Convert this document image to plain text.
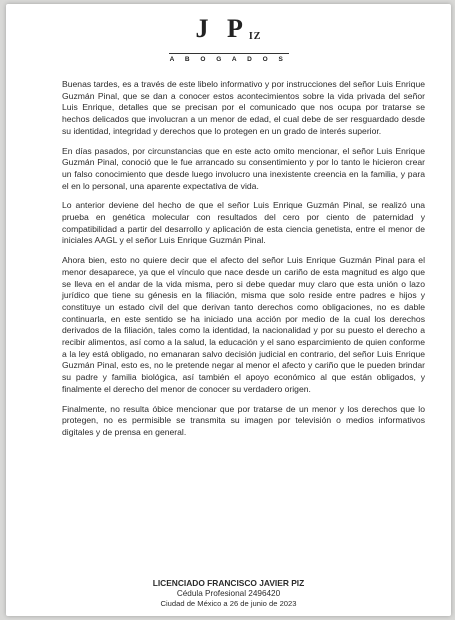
J $P_{IZ}$
A B O G A D O S

Buenas tardes, es a través de este libelo informativo y por instrucciones del señor Luis Enrique Guzmán Pinal, que se dan a conocer estos acontecimientos sobre la vida privada del señor Luis Enrique, detalles que se precisan por el comunicado que nos ocupa por tratarse se hechos delicados que involucran a un menor de edad, el cual debe de ser resguardado desde su identidad, integridad y derechos que lo protegen en un grado de interés superior.

En días pasados, por circunstancias que en este acto omito mencionar, el señor Luis Enrique Guzmán Pinal, conoció que le fue arrancado su consentimiento y por lo tanto le hicieron crear un falso conocimiento que desde luego involucro una inexistente creencia en la familia, y para el en lo personal, una aparente expectativa de vida.

Lo anterior deviene del hecho de que el señor Luis Enrique Guzmán Pinal, se realizó una prueba en genética molecular con resultados del cero por ciento de paternidad y compatibilidad a partir del desarrollo y aplicación de esta ciencia genetista, entre el menor de iniciales AAGL y el señor Luis Enrique Guzmán Pinal.

Ahora bien, esto no quiere decir que el afecto del señor Luis Enrique Guzmán Pinal para el menor desaparece, ya que el vínculo que nace desde un cariño de esta magnitud es algo que se lleva en el andar de la vida misma, pero si debe quedar muy claro que esta unión o lazo jurídico que tiene su génesis en la filiación, misma que solo reside entre padres e hijos y constituye un estado civil del que derivan tanto derechos como obligaciones, no es dable continuarla, en este sentido se ha iniciado una acción por medio de la cual los derechos derivados de la filiación, tales como la identidad, la nacionalidad y por su puesto el derecho a recibir alimentos, así como a la salud, la educación y el sano esparcimiento de quien conforme a la ley está obligado, no emanaran salvo decisión judicial en contrario, del señor Luis Enrique Guzmán Pinal, esto es, no le pretende negar al menor el afecto y cariño que le pueden brindar su padre y familia biológica, así también el apoyo económico al que están obligados, y finalmente el derecho del menor de conocer su verdadero origen.

Finalmente, no resulta óbice mencionar que por tratarse de un menor y los derechos que lo protegen, no es permisible se transmita su imagen por televisión o medios informativos digitales y de prensa en general.

LICENCIADO FRANCISCO JAVIER PIZ
Cédula Profesional 2496420
Ciudad de México a 26 de junio de 2023
